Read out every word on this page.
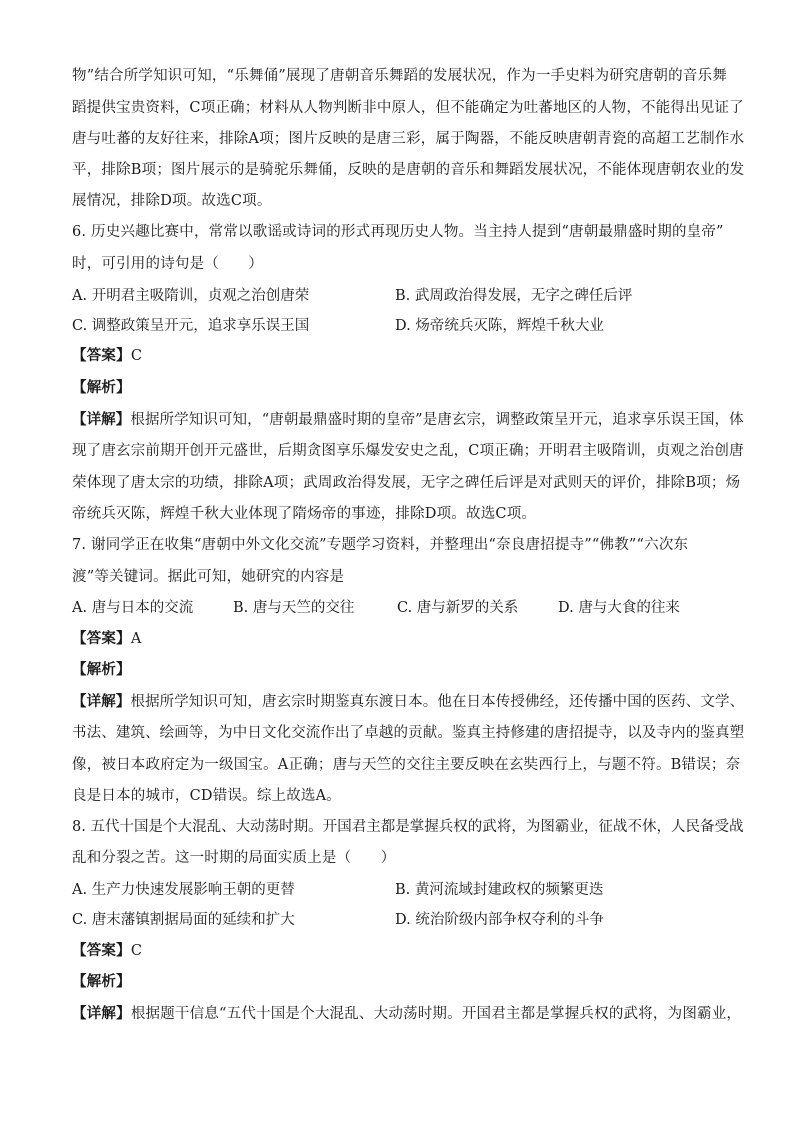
物”结合所学知识可知，“乐舞俑”展现了唐朝音乐舞蹈的发展状况，作为一手史料为研究唐朝的音乐舞
蹈提供宝贵资料，C项正确；材料从人物判断非中原人，但不能确定为吐蕃地区的人物，不能得出见证了
唐与吐蕃的友好往来，排除A项；图片反映的是唐三彩，属于陶器，不能反映唐朝青瓷的高超工艺制作水
平，排除B项；图片展示的是骑驼乐舞俑，反映的是唐朝的音乐和舞蹈发展状况，不能体现唐朝农业的发
展情况，排除D项。故选C项。
6. 历史兴趣比赛中，常常以歌谣或诗词的形式再现历史人物。当主持人提到“唐朝最鼎盛时期的皇帝”
时，可引用的诗句是（　　）
A. 开明君主吸隋训，贞观之治创唐荣	B. 武周政治得发展，无字之碑任后评
C. 调整政策呈开元，追求享乐误王国	D. 炀帝统兵灭陈，辉煌千秋大业
【答案】C
【解析】
【详解】根据所学知识可知，“唐朝最鼎盛时期的皇帝”是唐玄宗，调整政策呈开元，追求享乐误王国，体
现了唐玄宗前期开创开元盛世，后期贪图享乐爆发安史之乱，C项正确；开明君主吸隋训，贞观之治创唐
荣体现了唐太宗的功绩，排除A项；武周政治得发展，无字之碑任后评是对武则天的评价，排除B项；炀
帝统兵灭陈，辉煌千秋大业体现了隋炀帝的事迹，排除D项。故选C项。
7. 谢同学正在收集“唐朝中外文化交流”专题学习资料，并整理出“奈良唐招提寺”“佛教”“六次东
渡”等关键词。据此可知，她研究的内容是
A. 唐与日本的交流	B. 唐与天竺的交往	C. 唐与新罗的关系	D. 唐与大食的往来
【答案】A
【解析】
【详解】根据所学知识可知，唐玄宗时期鉴真东渡日本。他在日本传授佛经，还传播中国的医药、文学、
书法、建筑、绘画等，为中日文化交流作出了卓越的贡献。鉴真主持修建的唐招提寺，以及寺内的鉴真塑
像，被日本政府定为一级国宝。A正确；唐与天竺的交往主要反映在玄奘西行上，与题不符。B错误；奈
良是日本的城市，CD错误。综上故选A。
8. 五代十国是个大混乱、大动荡时期。开国君主都是掌握兵权的武将，为图霸业，征战不休，人民备受战
乱和分裂之苦。这一时期的局面实质上是（　　）
A. 生产力快速发展影响王朝的更替	B. 黄河流域封建政权的频繁更迭
C. 唐末藩镇割据局面的延续和扩大	D. 统治阶级内部争权夺利的斗争
【答案】C
【解析】
【详解】根据题干信息“五代十国是个大混乱、大动荡时期。开国君主都是掌握兵权的武将，为图霸业，
